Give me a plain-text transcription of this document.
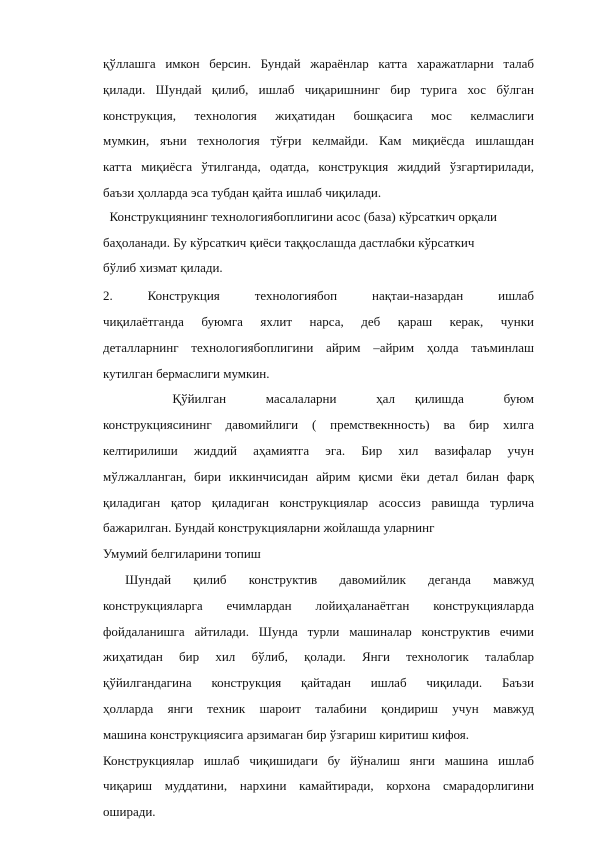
қўллашга  имкон  берсин.  Бундай  жараёнлар  катта  харажатларни  талаб
қилади.  Шундай  қилиб,  ишлаб  чиқаришнинг  бир  турига  хос  бўлган
конструкция,    технология    жиҳатидан    бошқасига    мос    келмаслиги
мумкин,  яъни  технология  тўғри  келмайди.  Кам  миқиёсда  ишлашдан
катта миқиёсга ўтилганда, одатда, конструкция жиддий ўзгартирилади,
баъзи ҳолларда эса тубдан қайта ишлаб чиқилади.
Конструкциянинг технологиябоплигини асос (база) кўрсаткич орқали
баҳоланади. Бу кўрсаткич қиёси таққослашда дастлабки кўрсаткич
бўлиб хизмат қилади.
2.       Конструкция       технологиябоп       нақтаи-назардан       ишлаб
чиқилаётганда   буюмга   яхлит   нарса,   деб   қараш   керак,   чунки
деталларнинг  технологиябоплигини  айрим  –айрим  ҳолда  таъминлаш
кутилган бермаслиги мумкин.
Қўйилган        масалаларни        ҳал    қилишда        буюм
конструкциясининг  давомийлиги  (  премствекнность)  ва  бир  хилга
келтирилиши   жиддий   аҳамиятга   эга.   Бир   хил   вазифалар   учун
мўлжалланган, бири иккинчисидан айрим қисми ёки детал билан фарқ
қиладиган  қатор  қиладиган  конструкциялар  асоссиз  равишда  турлича
бажарилган. Бундай конструкцияларни жойлашда уларнинг
Умумий белгиларини топиш
Шундай    қилиб    конструктив    давомийлик    деганда    мавжуд
конструкцияларга    ечимлардан    лойиҳаланаётган    конструкцияларда
фойдаланишга айтилади. Шунда турли машиналар конструктив ечими
жиҳатидан    бир    хил    бўлиб,    қолади.    Янги    технологик    талаблар
қўйилгандагина    конструкция    қайтадан    ишлаб    чиқилади.    Баъзи
ҳолларда   янги   техник   шароит   талабини   қондириш   учун   мавжуд
машина конструкциясига арзимаган бир ўзгариш киритиш кифоя.
Конструкциялар  ишлаб  чиқишидаги  бу  йўналиш  янги  машина  ишлаб
чиқариш  муддатини,  нархини  камайтиради,  корхона  смарадорлигини
оширади.
